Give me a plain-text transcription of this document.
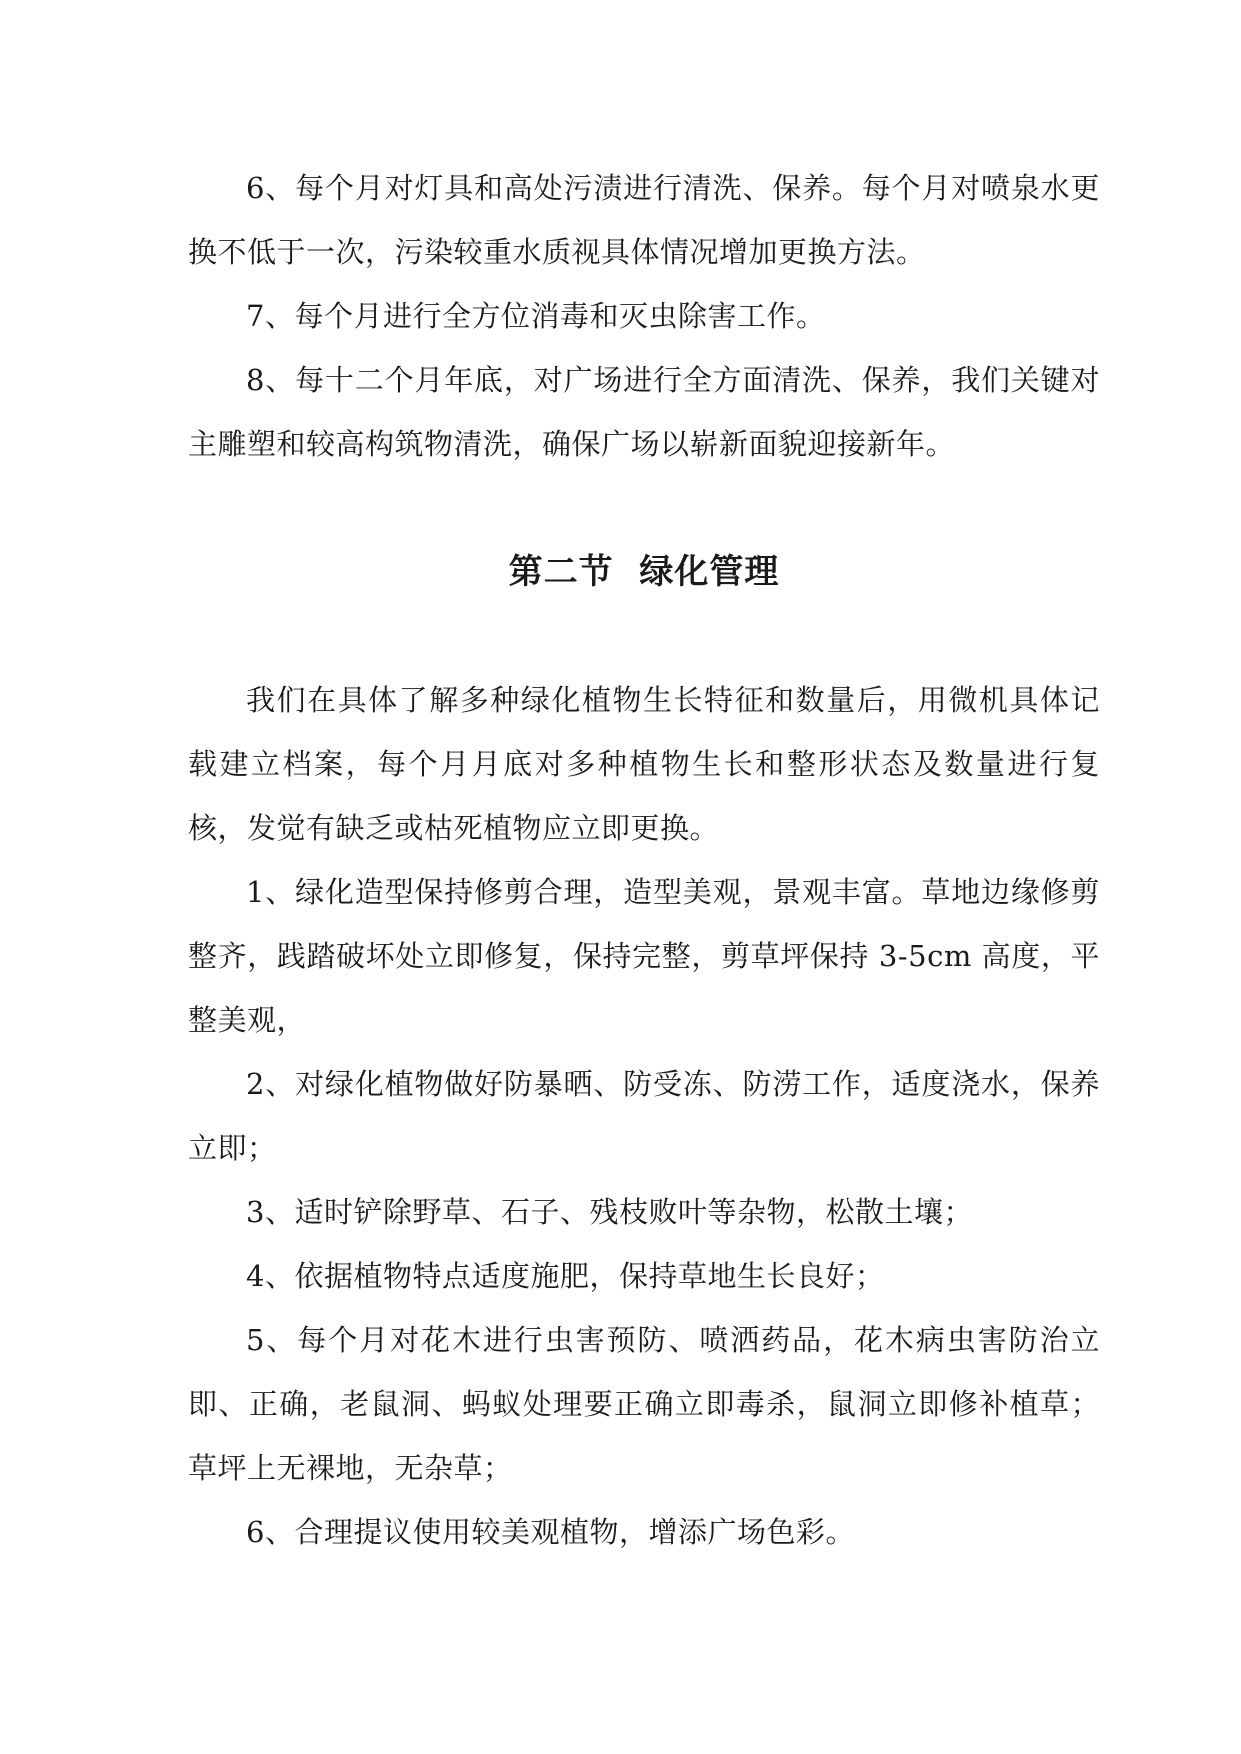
6、每个月对灯具和高处污渍进行清洗、保养。每个月对喷泉水更换不低于一次，污染较重水质视具体情况增加更换方法。

7、每个月进行全方位消毒和灭虫除害工作。

8、每十二个月年底，对广场进行全方面清洗、保养，我们关键对主雕塑和较高构筑物清洗，确保广场以崭新面貌迎接新年。

第二节  绿化管理

我们在具体了解多种绿化植物生长特征和数量后，用微机具体记载建立档案，每个月月底对多种植物生长和整形状态及数量进行复核，发觉有缺乏或枯死植物应立即更换。

1、绿化造型保持修剪合理，造型美观，景观丰富。草地边缘修剪整齐，践踏破坏处立即修复，保持完整，剪草坪保持 3-5cm 高度，平整美观，

2、对绿化植物做好防暴晒、防受冻、防涝工作，适度浇水，保养立即；

3、适时铲除野草、石子、残枝败叶等杂物，松散土壤；

4、依据植物特点适度施肥，保持草地生长良好；

5、每个月对花木进行虫害预防、喷洒药品，花木病虫害防治立即、正确，老鼠洞、蚂蚁处理要正确立即毒杀，鼠洞立即修补植草；草坪上无裸地，无杂草；

6、合理提议使用较美观植物，增添广场色彩。
